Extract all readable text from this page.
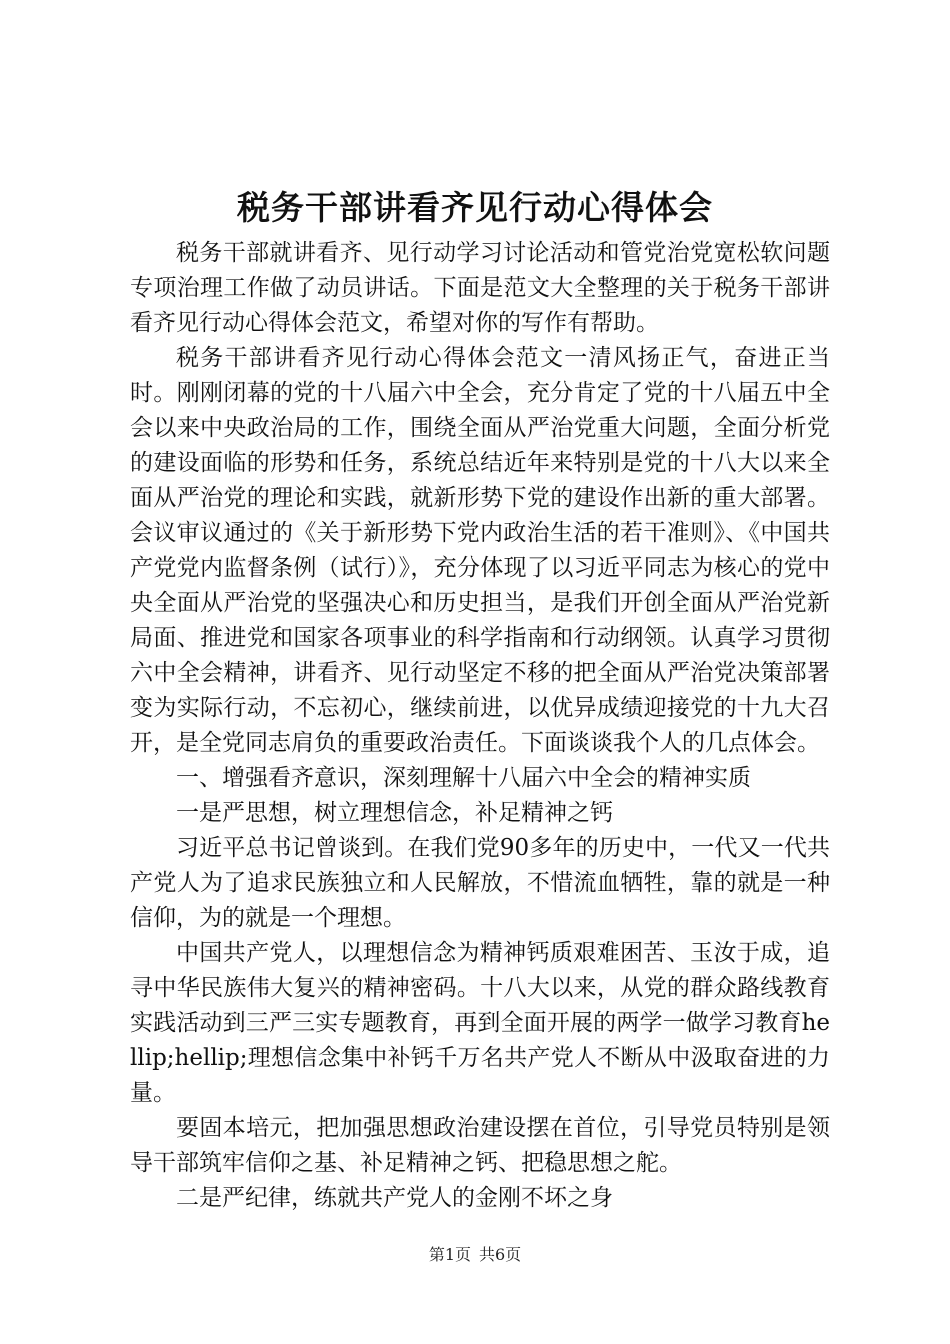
税务干部讲看齐见行动心得体会

税务干部就讲看齐、见行动学习讨论活动和管党治党宽松软问题专项治理工作做了动员讲话。下面是范文大全整理的关于税务干部讲看齐见行动心得体会范文，希望对你的写作有帮助。

税务干部讲看齐见行动心得体会范文一清风扬正气，奋进正当时。刚刚闭幕的党的十八届六中全会，充分肯定了党的十八届五中全会以来中央政治局的工作，围绕全面从严治党重大问题，全面分析党的建设面临的形势和任务，系统总结近年来特别是党的十八大以来全面从严治党的理论和实践，就新形势下党的建设作出新的重大部署。会议审议通过的《关于新形势下党内政治生活的若干准则》、《中国共产党党内监督条例（试行）》，充分体现了以习近平同志为核心的党中央全面从严治党的坚强决心和历史担当，是我们开创全面从严治党新局面、推进党和国家各项事业的科学指南和行动纲领。认真学习贯彻六中全会精神，讲看齐、见行动坚定不移的把全面从严治党决策部署变为实际行动，不忘初心，继续前进，以优异成绩迎接党的十九大召开，是全党同志肩负的重要政治责任。下面谈谈我个人的几点体会。

一、增强看齐意识，深刻理解十八届六中全会的精神实质

一是严思想，树立理想信念，补足精神之钙

习近平总书记曾谈到。在我们党90多年的历史中，一代又一代共产党人为了追求民族独立和人民解放，不惜流血牺牲，靠的就是一种信仰，为的就是一个理想。

中国共产党人，以理想信念为精神钙质艰难困苦、玉汝于成，追寻中华民族伟大复兴的精神密码。十八大以来，从党的群众路线教育实践活动到三严三实专题教育，再到全面开展的两学一做学习教育hellip;hellip;理想信念集中补钙千万名共产党人不断从中汲取奋进的力量。

要固本培元，把加强思想政治建设摆在首位，引导党员特别是领导干部筑牢信仰之基、补足精神之钙、把稳思想之舵。

二是严纪律，练就共产党人的金刚不坏之身

第1页 共6页
